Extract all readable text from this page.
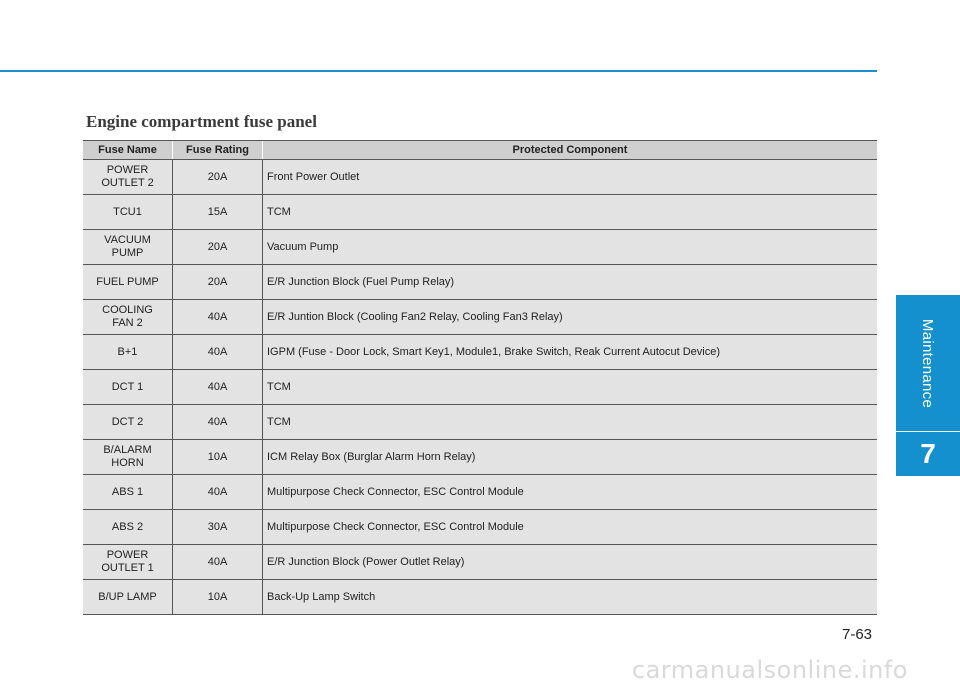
Maintenance
7
Engine compartment fuse panel
Fuse Name	Fuse Rating	Protected Component

POWER
OUTLET 2	20A	Front Power Outlet

TCU1	15A	TCM

VACUUM
PUMP	20A	Vacuum Pump

FUEL PUMP	20A	E/R Junction Block (Fuel Pump Relay)

COOLING
FAN 2	40A	E/R Juntion Block (Cooling Fan2 Relay, Cooling Fan3 Relay)

B+1	40A	IGPM (Fuse - Door Lock, Smart Key1, Module1, Brake Switch, Reak Current Autocut Device)

DCT 1	40A	TCM

DCT 2	40A	TCM

B/ALARM
HORN	10A	ICM Relay Box (Burglar Alarm Horn Relay)

ABS 1	40A	Multipurpose Check Connector, ESC Control Module

ABS 2	30A	Multipurpose Check Connector, ESC Control Module

POWER
OUTLET 1	40A	E/R Junction Block (Power Outlet Relay)

B/UP LAMP	10A	Back-Up Lamp Switch
7-63
carmanualsonline.info
